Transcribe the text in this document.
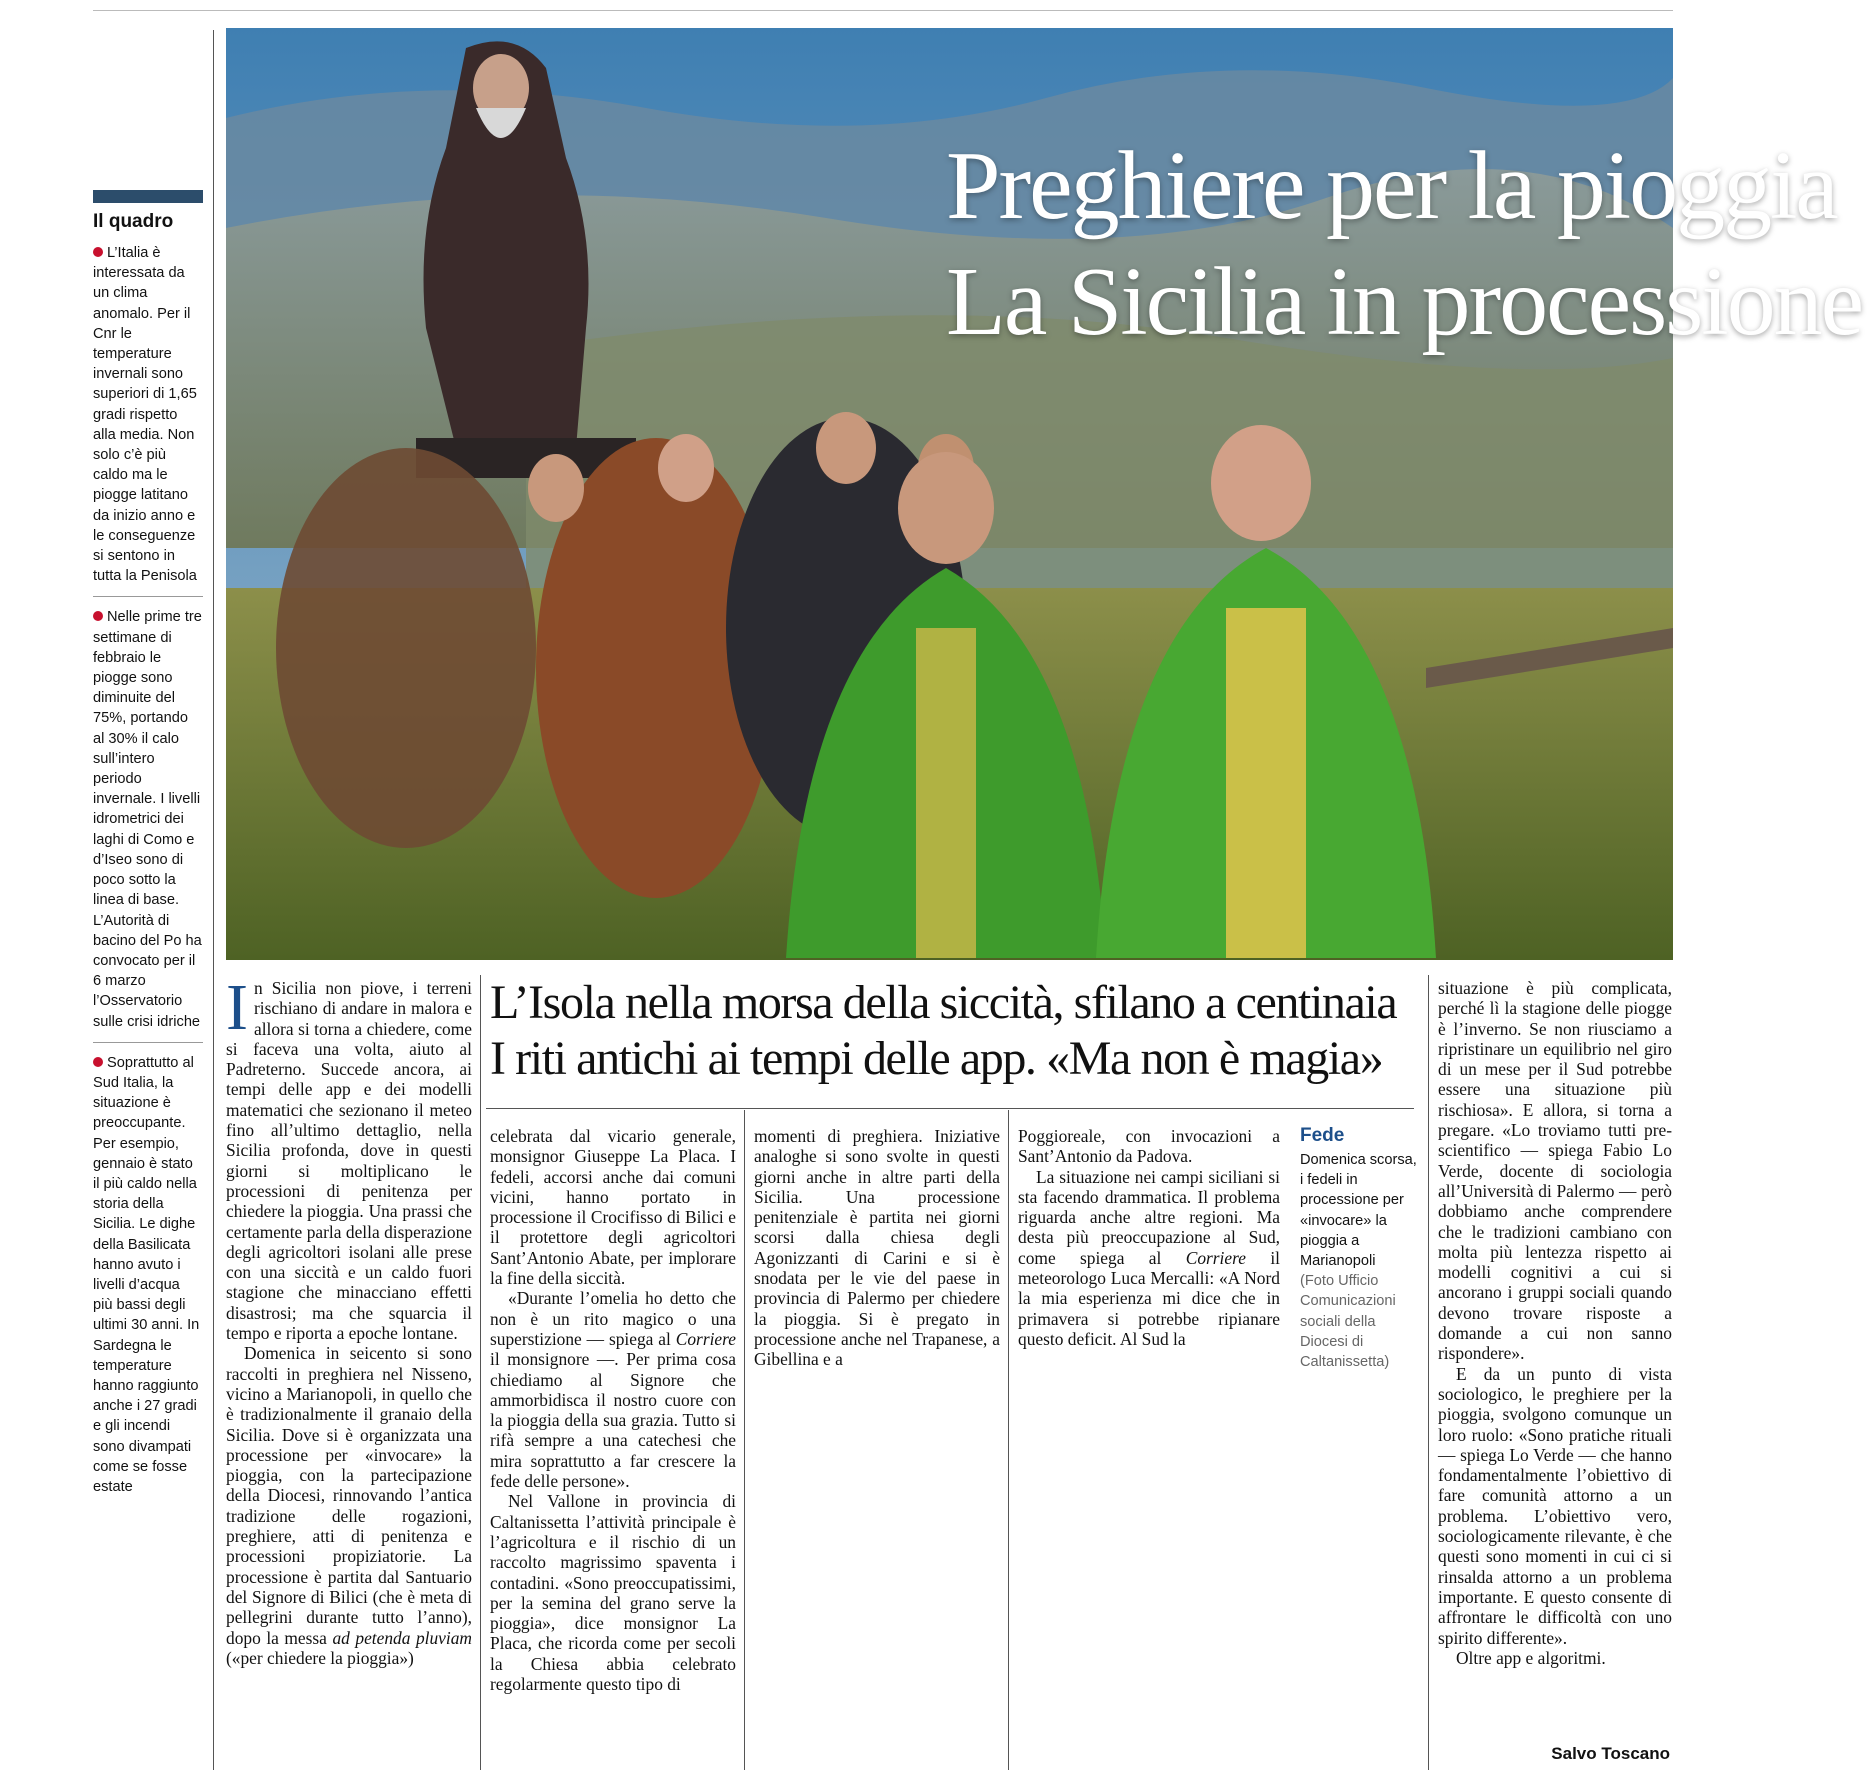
Il quadro
L’Italia è interessata da un clima anomalo. Per il Cnr le temperature invernali sono superiori di 1,65 gradi rispetto alla media. Non solo c’è più caldo ma le piogge latitano da inizio anno e le conseguenze si sentono in tutta la Penisola
Nelle prime tre settimane di febbraio le piogge sono diminuite del 75%, portando al 30% il calo sull’intero periodo invernale. I livelli idrometrici dei laghi di Como e d’Iseo sono di poco sotto la linea di base. L’Autorità di bacino del Po ha convocato per il 6 marzo l’Osservatorio sulle crisi idriche
Soprattutto al Sud Italia, la situazione è preoccupante. Per esempio, gennaio è stato il più caldo nella storia della Sicilia. Le dighe della Basilicata hanno avuto i livelli d’acqua più bassi degli ultimi 30 anni. In Sardegna le temperature hanno raggiunto anche i 27 gradi e gli incendi sono divampati come se fosse estate
Preghiere per la pioggia
La Sicilia in processione
L’Isola nella morsa della siccità, sfilano a centinaia
I riti antichi ai tempi delle app. «Ma non è magia»

In Sicilia non piove, i terreni rischiano di andare in malora e allora si torna a chiedere, come si faceva una volta, aiuto al Padreterno. Succede ancora, ai tempi delle app e dei modelli matematici che sezionano il meteo fino all’ultimo dettaglio, nella Sicilia profonda, dove in questi giorni si moltiplicano le processioni di penitenza per chiedere la pioggia. Una prassi che certamente parla della disperazione degli agricoltori isolani alle prese con una siccità e un caldo fuori stagione che minacciano effetti disastrosi; ma che squarcia il tempo e riporta a epoche lontane.

Domenica in seicento si sono raccolti in preghiera nel Nisseno, vicino a Marianopoli, in quello che è tradizionalmente il granaio della Sicilia. Dove si è organizzata una processione per «invocare» la pioggia, con la partecipazione della Diocesi, rinnovando l’antica tradizione delle rogazioni, preghiere, atti di penitenza e processioni propiziatorie. La processione è partita dal Santuario del Signore di Bilici (che è meta di pellegrini durante tutto l’anno), dopo la messa ad petenda pluviam («per chiedere la pioggia»)

celebrata dal vicario generale, monsignor Giuseppe La Placa. I fedeli, accorsi anche dai comuni vicini, hanno portato in processione il Crocifisso di Bilici e il protettore degli agricoltori Sant’Antonio Abate, per implorare la fine della siccità.

«Durante l’omelia ho detto che non è un rito magico o una superstizione — spiega al Corriere il monsignore —. Per prima cosa chiediamo al Signore che ammorbidisca il nostro cuore con la pioggia della sua grazia. Tutto si rifà sempre a una catechesi che mira soprattutto a far crescere la fede delle persone».

Nel Vallone in provincia di Caltanissetta l’attività principale è l’agricoltura e il rischio di un raccolto magrissimo spaventa i contadini. «Sono preoccupatissimi, per la semina del grano serve la pioggia», dice monsignor La Placa, che ricorda come per secoli la Chiesa abbia celebrato regolarmente questo tipo di

momenti di preghiera. Iniziative analoghe si sono svolte in questi giorni anche in altre parti della Sicilia. Una processione penitenziale è partita nei giorni scorsi dalla chiesa degli Agonizzanti di Carini e si è snodata per le vie del paese in provincia di Palermo per chiedere la pioggia. Si è pregato in processione anche nel Trapanese, a Gibellina e a

Poggioreale, con invocazioni a Sant’Antonio da Padova.

La situazione nei campi siciliani si sta facendo drammatica. Il problema riguarda anche altre regioni. Ma desta più preoccupazione al Sud, come spiega al Corriere il meteorologo Luca Mercalli: «A Nord la mia esperienza mi dice che in primavera si potrebbe ripianare questo deficit. Al Sud la

Fede
Domenica scorsa, i fedeli in processione per «invocare» la pioggia a Marianopoli
(Foto Ufficio Comunicazioni sociali della Diocesi di Caltanissetta)

situazione è più complicata, perché lì la stagione delle piogge è l’inverno. Se non riusciamo a ripristinare un equilibrio nel giro di un mese per il Sud potrebbe essere una situazione più rischiosa». E allora, si torna a pregare. «Lo troviamo tutti pre-scientifico — spiega Fabio Lo Verde, docente di sociologia all’Università di Palermo — però dobbiamo anche comprendere che le tradizioni cambiano con molta più lentezza rispetto ai modelli cognitivi a cui si ancorano i gruppi sociali quando devono trovare risposte a domande a cui non sanno rispondere».

E da un punto di vista sociologico, le preghiere per la pioggia, svolgono comunque un loro ruolo: «Sono pratiche rituali — spiega Lo Verde — che hanno fondamentalmente l’obiettivo di fare comunità attorno a un problema. L’obiettivo vero, sociologicamente rilevante, è che questi sono momenti in cui ci si rinsalda attorno a un problema importante. E questo consente di affrontare le difficoltà con uno spirito differente».

Oltre app e algoritmi.

Salvo Toscano
